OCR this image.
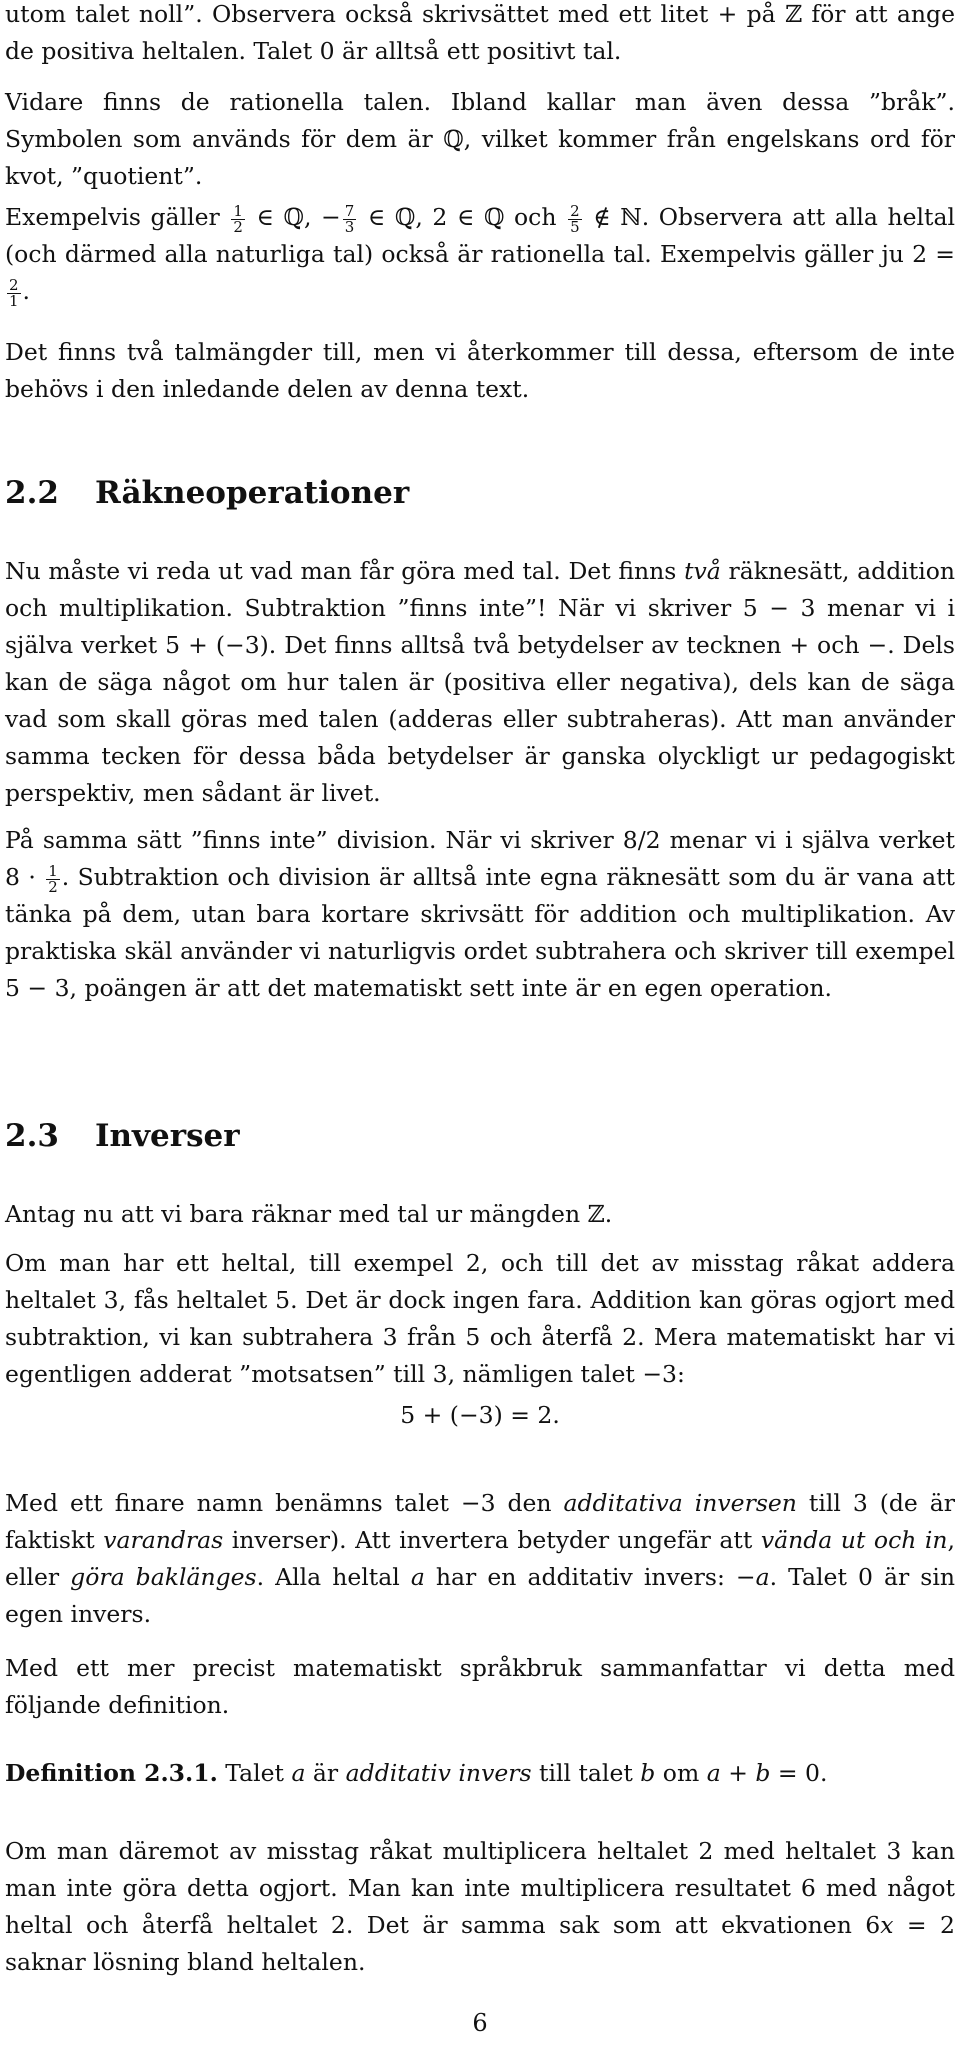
utom talet noll”. Observera också skrivsättet med ett litet + på ℤ för att ange de positiva heltalen. Talet 0 är alltså ett positivt tal.

Vidare finns de rationella talen. Ibland kallar man även dessa ”bråk”. Symbolen som används för dem är ℚ, vilket kommer från engelskans ord för kvot, ”quotient”.

Exempelvis gäller $\frac{1}{2}$ ∈ ℚ, − $\frac{7}{3}$ ∈ ℚ, 2 ∈ ℚ och $\frac{2}{5}$ ∉ ℕ. Observera att alla heltal (och därmed alla naturliga tal) också är rationella tal. Exempelvis gäller ju 2 =
$\frac{2}{1}$ .

Det finns två talmängder till, men vi återkommer till dessa, eftersom de inte behövs i den inledande delen av denna text.

2.2 Räkneoperationer

Nu måste vi reda ut vad man får göra med tal. Det finns två räknesätt, addition och multiplikation. Subtraktion ”finns inte”! När vi skriver 5 − 3 menar vi i själva verket 5 + (−3). Det finns alltså två betydelser av tecknen + och −. Dels kan de säga något om hur talen är (positiva eller negativa), dels kan de säga vad som skall göras med talen (adderas eller subtraheras). Att man använder samma tecken för dessa båda betydelser är ganska olyckligt ur pedagogiskt perspektiv, men sådant är livet.

På samma sätt ”finns inte” division. När vi skriver 8/2 menar vi i själva verket $8 \cdot \frac{1}{2}$ . Subtraktion och division är alltså inte egna räknesätt som du är vana att tänka på dem, utan bara kortare skrivsätt för addition och multiplikation. Av praktiska skäl använder vi naturligvis ordet subtrahera och skriver till exempel 5 − 3, poängen är att det matematiskt sett inte är en egen operation.

2.3 Inverser

Antag nu att vi bara räknar med tal ur mängden ℤ.

Om man har ett heltal, till exempel 2, och till det av misstag råkat addera heltalet 3, fås heltalet 5. Det är dock ingen fara. Addition kan göras ogjort med subtraktion, vi kan subtrahera 3 från 5 och återfå 2. Mera matematiskt har vi egentligen adderat ”motsatsen” till 3, nämligen talet −3:

5 + (−3) = 2.

Med ett finare namn benämns talet −3 den additativa inversen till 3 (de är faktiskt varandras inverser). Att invertera betyder ungefär att vända ut och in, eller göra baklänges. Alla heltal a har en additativ invers: −a. Talet 0 är sin egen invers.

Med ett mer precist matematiskt språkbruk sammanfattar vi detta med följande definition.

Definition 2.3.1. Talet a är additativ invers till talet b om a + b = 0.

Om man däremot av misstag råkat multiplicera heltalet 2 med heltalet 3 kan man inte göra detta ogjort. Man kan inte multiplicera resultatet 6 med något heltal och återfå heltalet 2. Det är samma sak som att ekvationen 6x = 2 saknar lösning bland heltalen.

6
